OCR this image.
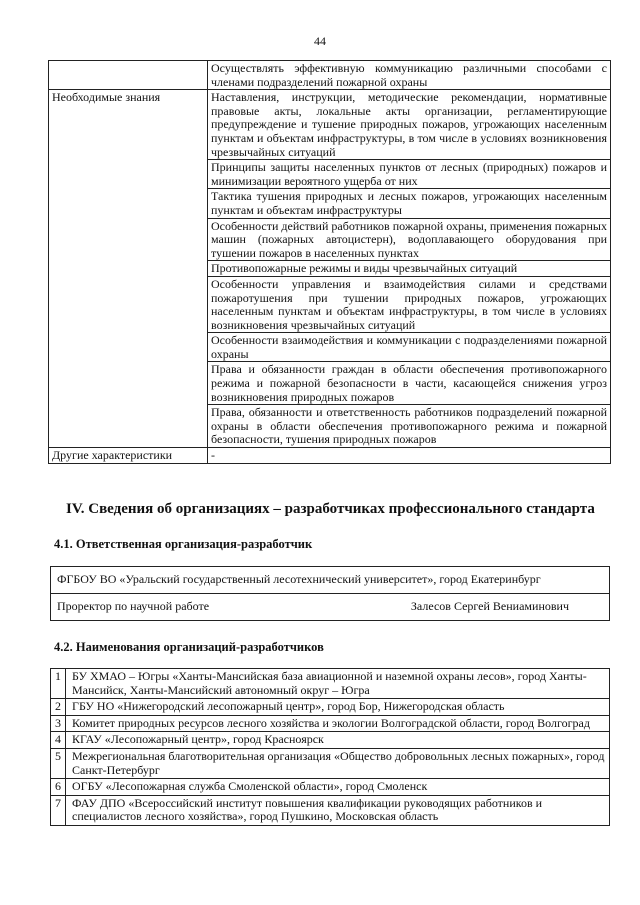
44
	Осуществлять эффективную коммуникацию различными способами с членами подразделений пожарной охраны
Необходимые знания	Наставления, инструкции, методические рекомендации, нормативные правовые акты, локальные акты организации, регламентирующие предупреждение и тушение природных пожаров, угрожающих населенным пунктам и объектам инфраструктуры, в том числе в условиях возникновения чрезвычайных ситуаций
	Принципы защиты населенных пунктов от лесных (природных) пожаров и минимизации вероятного ущерба от них
	Тактика тушения природных и лесных пожаров, угрожающих населенным пунктам и объектам инфраструктуры
	Особенности действий работников пожарной охраны, применения пожарных машин (пожарных автоцистерн), водоплавающего оборудования при тушении пожаров в населенных пунктах
	Противопожарные режимы и виды чрезвычайных ситуаций
	Особенности управления и взаимодействия силами и средствами пожаротушения при тушении природных пожаров, угрожающих населенным пунктам и объектам инфраструктуры, в том числе в условиях возникновения чрезвычайных ситуаций
	Особенности взаимодействия и коммуникации с подразделениями пожарной охраны
	Права и обязанности граждан в области обеспечения противопожарного режима и пожарной безопасности в части, касающейся снижения угроз возникновения природных пожаров
	Права, обязанности и ответственность работников подразделений пожарной охраны в области обеспечения противопожарного режима и пожарной безопасности, тушения природных пожаров
Другие характеристики	-
IV. Сведения об организациях – разработчиках профессионального стандарта
4.1. Ответственная организация-разработчик
ФГБОУ ВО «Уральский государственный лесотехнический университет», город Екатеринбург

Проректор по научной работе	Залесов Сергей Вениаминович
4.2. Наименования организаций-разработчиков
1	БУ ХМАО – Югры «Ханты-Мансийская база авиационной и наземной охраны лесов», город Ханты-Мансийск, Ханты-Мансийский автономный округ – Югра
2	ГБУ НО «Нижегородский лесопожарный центр», город Бор, Нижегородская область
3	Комитет природных ресурсов лесного хозяйства и экологии Волгоградской области, город Волгоград
4	КГАУ «Лесопожарный центр», город Красноярск
5	Межрегиональная благотворительная организация «Общество добровольных лесных пожарных», город Санкт-Петербург
6	ОГБУ «Лесопожарная служба Смоленской области», город Смоленск
7	ФАУ ДПО «Всероссийский институт повышения квалификации руководящих работников и специалистов лесного хозяйства», город Пушкино, Московская область
